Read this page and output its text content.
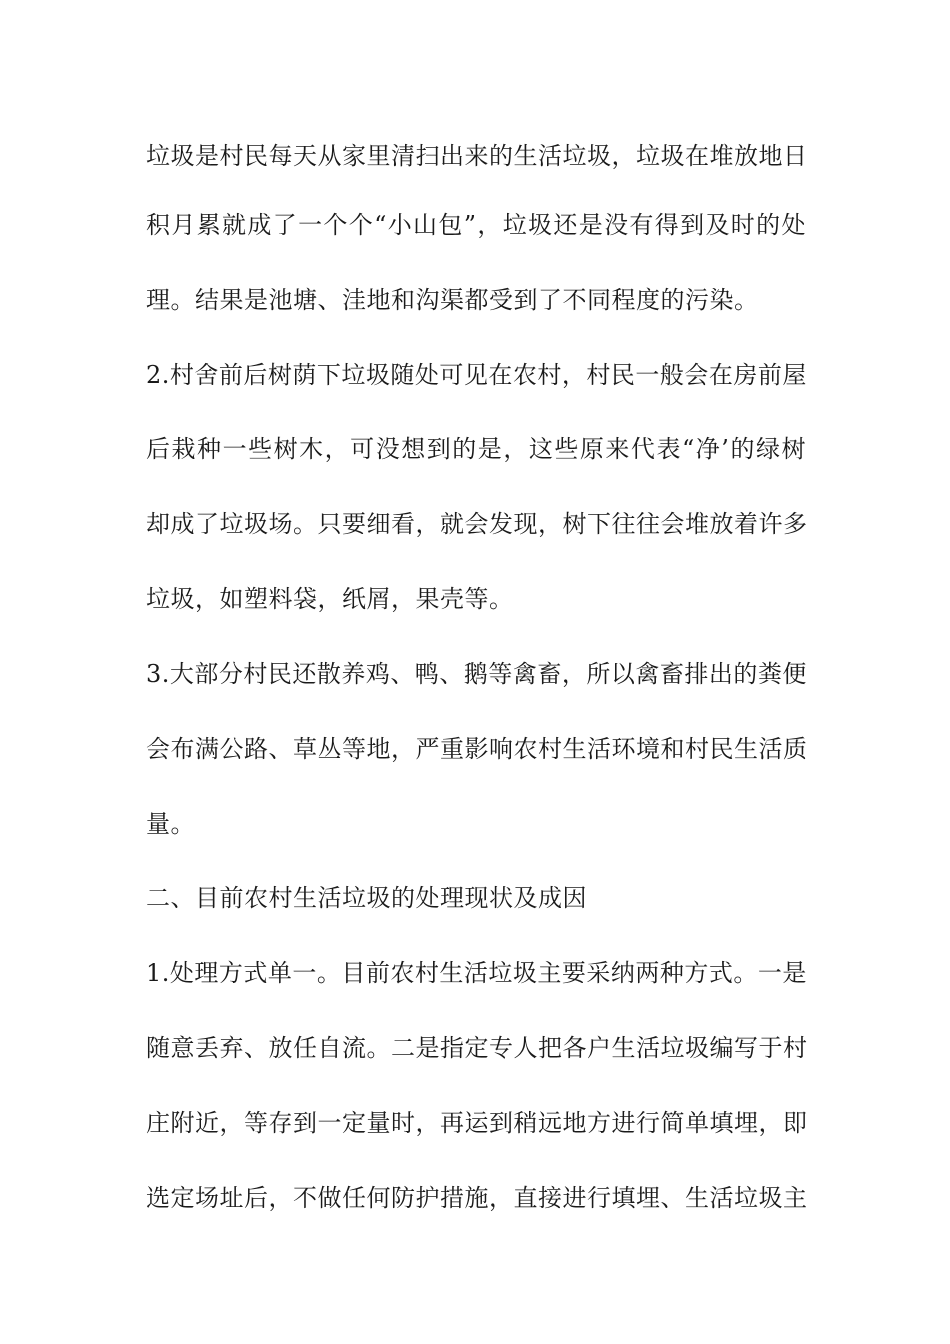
垃圾是村民每天从家里清扫出来的生活垃圾，垃圾在堆放地日
积月累就成了一个个“小山包”，垃圾还是没有得到及时的处
理。结果是池塘、洼地和沟渠都受到了不同程度的污染。
2.村舍前后树荫下垃圾随处可见在农村，村民一般会在房前屋
后栽种一些树木，可没想到的是，这些原来代表“净’的绿树
却成了垃圾场。只要细看，就会发现，树下往往会堆放着许多
垃圾，如塑料袋，纸屑，果壳等。
3.大部分村民还散养鸡、鸭、鹅等禽畜，所以禽畜排出的粪便
会布满公路、草丛等地，严重影响农村生活环境和村民生活质
量。
二、目前农村生活垃圾的处理现状及成因
1.处理方式单一。目前农村生活垃圾主要采纳两种方式。一是
随意丢弃、放任自流。二是指定专人把各户生活垃圾编写于村
庄附近，等存到一定量时，再运到稍远地方进行简单填埋，即
选定场址后，不做任何防护措施，直接进行填埋、生活垃圾主
